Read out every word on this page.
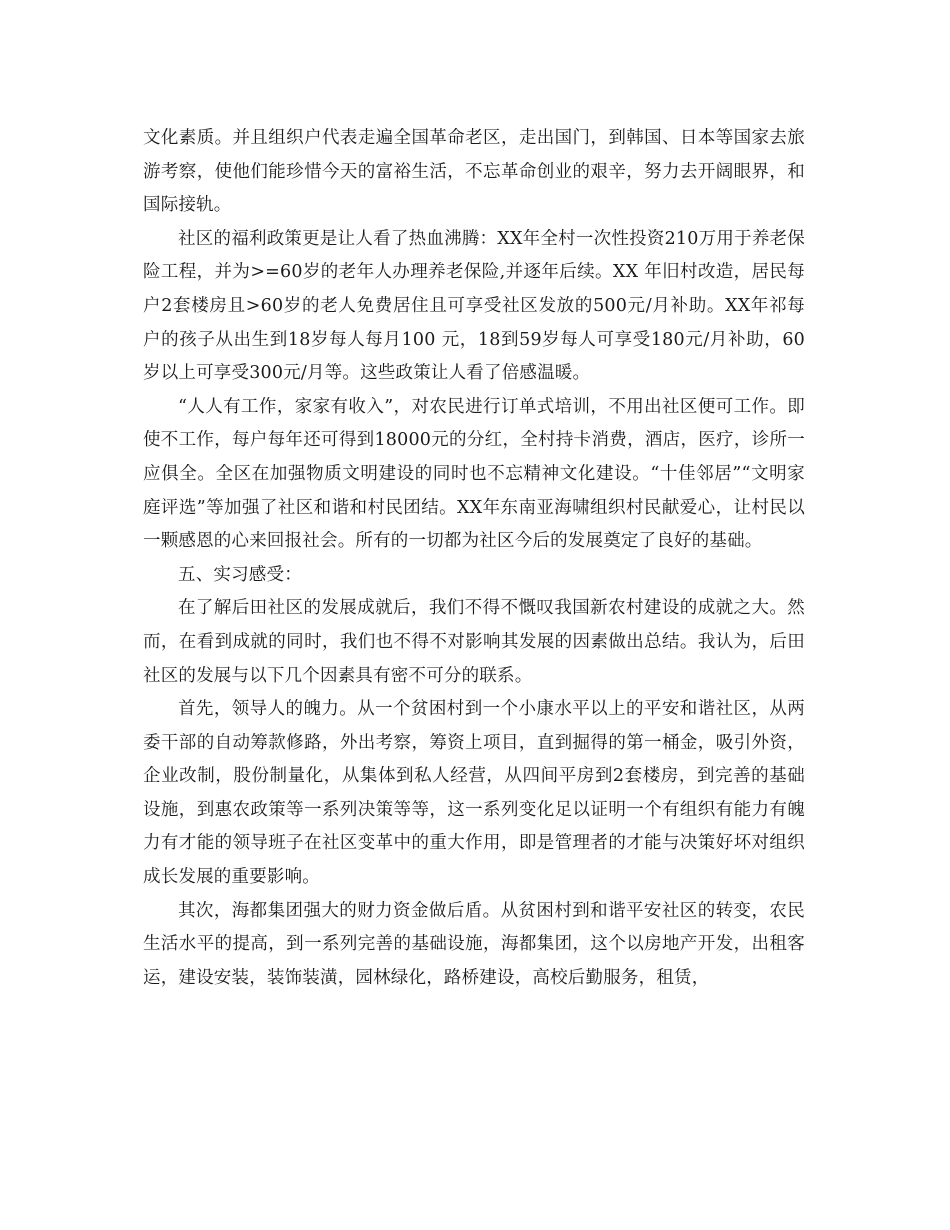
文化素质。并且组织户代表走遍全国革命老区，走出国门，到韩国、日本等国家去旅游考察，使他们能珍惜今天的富裕生活，不忘革命创业的艰辛，努力去开阔眼界，和国际接轨。

社区的福利政策更是让人看了热血沸腾：XX年全村一次性投资210万用于养老保险工程，并为>=60岁的老年人办理养老保险,并逐年后续。XX 年旧村改造，居民每户2套楼房且>60岁的老人免费居住且可享受社区发放的500元/月补助。XX年祁每户的孩子从出生到18岁每人每月100 元，18到59岁每人可享受180元/月补助，60岁以上可享受300元/月等。这些政策让人看了倍感温暖。

“人人有工作，家家有收入”，对农民进行订单式培训，不用出社区便可工作。即使不工作，每户每年还可得到18000元的分红，全村持卡消费，酒店，医疗，诊所一应俱全。全区在加强物质文明建设的同时也不忘精神文化建设。“十佳邻居”“文明家庭评选”等加强了社区和谐和村民团结。XX年东南亚海啸组织村民献爱心，让村民以一颗感恩的心来回报社会。所有的一切都为社区今后的发展奠定了良好的基础。

五、实习感受：

在了解后田社区的发展成就后，我们不得不慨叹我国新农村建设的成就之大。然而，在看到成就的同时，我们也不得不对影响其发展的因素做出总结。我认为，后田社区的发展与以下几个因素具有密不可分的联系。

首先，领导人的魄力。从一个贫困村到一个小康水平以上的平安和谐社区，从两委干部的自动筹款修路，外出考察，筹资上项目，直到掘得的第一桶金，吸引外资，企业改制，股份制量化，从集体到私人经营，从四间平房到2套楼房，到完善的基础设施，到惠农政策等一系列决策等等，这一系列变化足以证明一个有组织有能力有魄力有才能的领导班子在社区变革中的重大作用，即是管理者的才能与决策好坏对组织成长发展的重要影响。

其次，海都集团强大的财力资金做后盾。从贫困村到和谐平安社区的转变，农民生活水平的提高，到一系列完善的基础设施，海都集团，这个以房地产开发，出租客运，建设安装，装饰装潢，园林绿化，路桥建设，高校后勤服务，租赁，
